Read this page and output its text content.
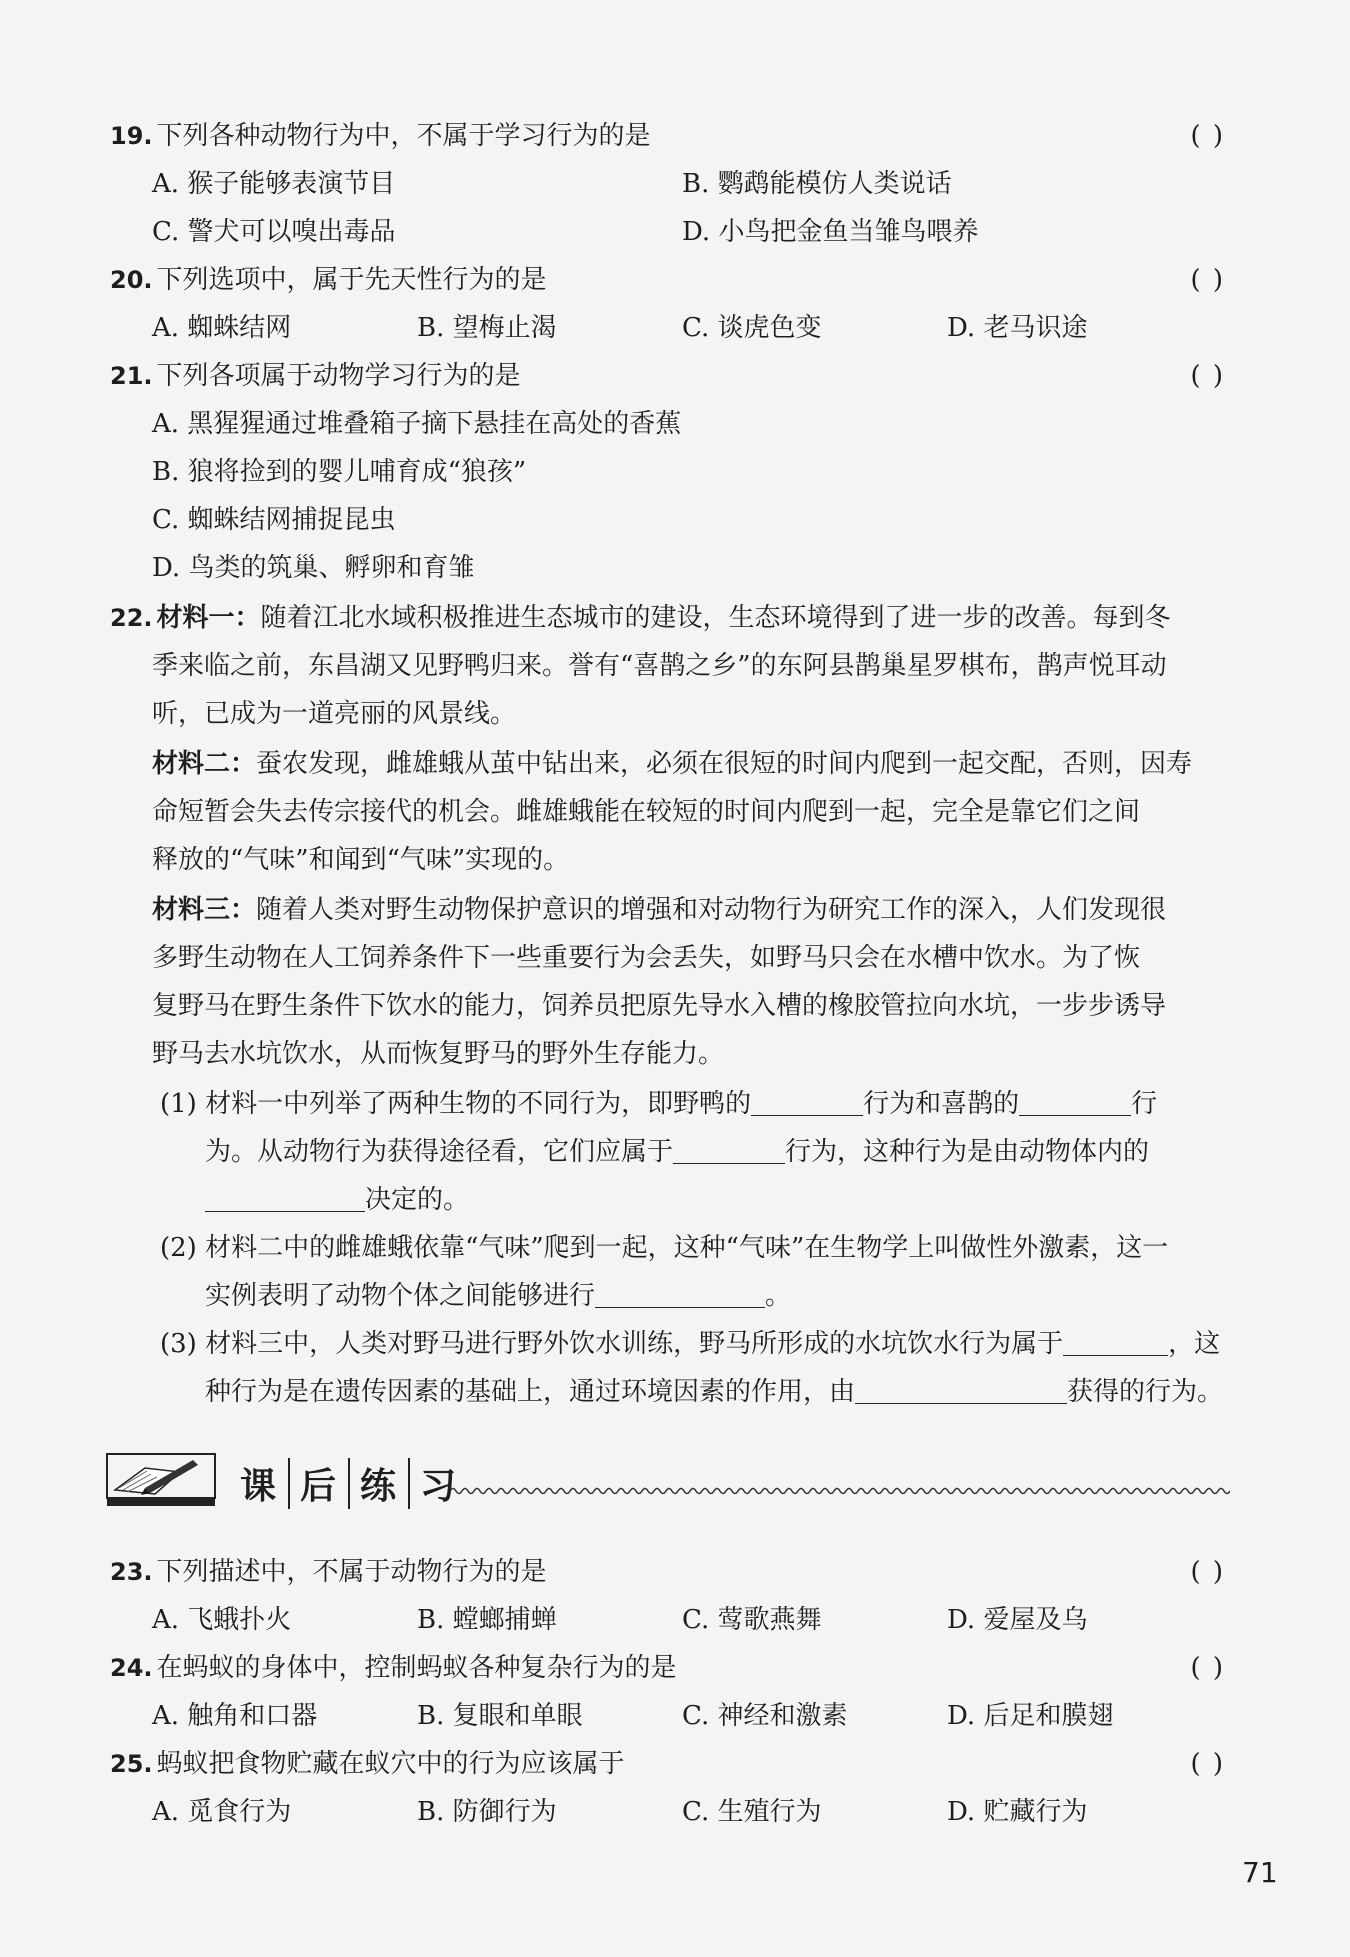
19. 下列各种动物行为中，不属于学习行为的是	( )
A. 猴子能够表演节目	B. 鹦鹉能模仿人类说话
C. 警犬可以嗅出毒品	D. 小鸟把金鱼当雏鸟喂养
20. 下列选项中，属于先天性行为的是	( )
A. 蜘蛛结网	B. 望梅止渴	C. 谈虎色变	D. 老马识途
21. 下列各项属于动物学习行为的是	( )
A. 黑猩猩通过堆叠箱子摘下悬挂在高处的香蕉
B. 狼将捡到的婴儿哺育成“狼孩”
C. 蜘蛛结网捕捉昆虫
D. 鸟类的筑巢、孵卵和育雏
22. 材料一：随着江北水域积极推进生态城市的建设，生态环境得到了进一步的改善。每到冬
季来临之前，东昌湖又见野鸭归来。誉有“喜鹊之乡”的东阿县鹊巢星罗棋布，鹊声悦耳动
听，已成为一道亮丽的风景线。
材料二：蚕农发现，雌雄蛾从茧中钻出来，必须在很短的时间内爬到一起交配，否则，因寿
命短暂会失去传宗接代的机会。雌雄蛾能在较短的时间内爬到一起，完全是靠它们之间
释放的“气味”和闻到“气味”实现的。
材料三：随着人类对野生动物保护意识的增强和对动物行为研究工作的深入，人们发现很
多野生动物在人工饲养条件下一些重要行为会丢失，如野马只会在水槽中饮水。为了恢
复野马在野生条件下饮水的能力，饲养员把原先导水入槽的橡胶管拉向水坑，一步步诱导
野马去水坑饮水，从而恢复野马的野外生存能力。
(1) 材料一中列举了两种生物的不同行为，即野鸭的	行为和喜鹊的	行
为。从动物行为获得途径看，它们应属于	行为，这种行为是由动物体内的
决定的。
(2) 材料二中的雌雄蛾依靠“气味”爬到一起，这种“气味”在生物学上叫做性外激素，这一
实例表明了动物个体之间能够进行	。
(3) 材料三中，人类对野马进行野外饮水训练，野马所形成的水坑饮水行为属于	，这
种行为是在遗传因素的基础上，通过环境因素的作用，由	获得的行为。
课 后 练 习
23. 下列描述中，不属于动物行为的是	( )
A. 飞蛾扑火	B. 螳螂捕蝉	C. 莺歌燕舞	D. 爱屋及乌
24. 在蚂蚁的身体中，控制蚂蚁各种复杂行为的是	( )
A. 触角和口器	B. 复眼和单眼	C. 神经和激素	D. 后足和膜翅
25. 蚂蚁把食物贮藏在蚁穴中的行为应该属于	( )
A. 觅食行为	B. 防御行为	C. 生殖行为	D. 贮藏行为
71
